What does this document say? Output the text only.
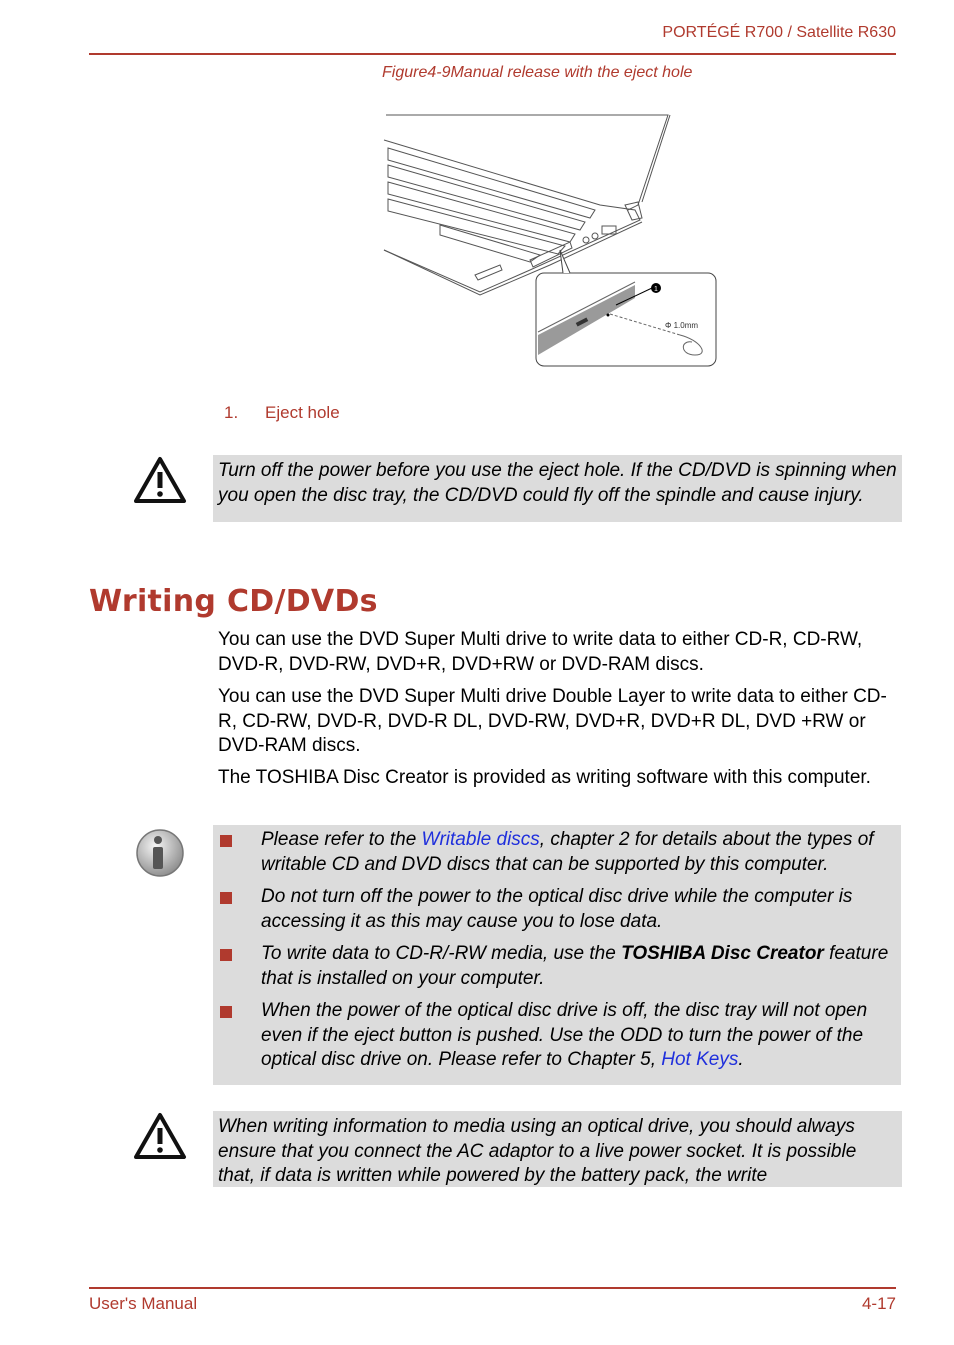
PORTÉGÉ R700 / Satellite R630
Figure4-9Manual release with the eject hole
1
Φ 1.0mm
1. Eject hole
Turn off the power before you use the eject hole. If the CD/DVD is spinning when you open the disc tray, the CD/DVD could fly off the spindle and cause injury.
Writing CD/DVDs
You can use the DVD Super Multi drive to write data to either CD-R, CD-RW, DVD-R, DVD-RW, DVD+R, DVD+RW or DVD-RAM discs.
You can use the DVD Super Multi drive Double Layer to write data to either CD-R, CD-RW, DVD-R, DVD-R DL, DVD-RW, DVD+R, DVD+R DL, DVD +RW or DVD-RAM discs.
The TOSHIBA Disc Creator is provided as writing software with this computer.
Please refer to the Writable discs, chapter 2 for details about the types of writable CD and DVD discs that can be supported by this computer.
Do not turn off the power to the optical disc drive while the computer is accessing it as this may cause you to lose data.
To write data to CD-R/-RW media, use the TOSHIBA Disc Creator feature that is installed on your computer.
When the power of the optical disc drive is off, the disc tray will not open even if the eject button is pushed. Use the ODD to turn the power of the optical disc drive on. Please refer to Chapter 5, Hot Keys.
When writing information to media using an optical drive, you should always ensure that you connect the AC adaptor to a live power socket. It is possible that, if data is written while powered by the battery pack, the write
User's Manual	4-17
